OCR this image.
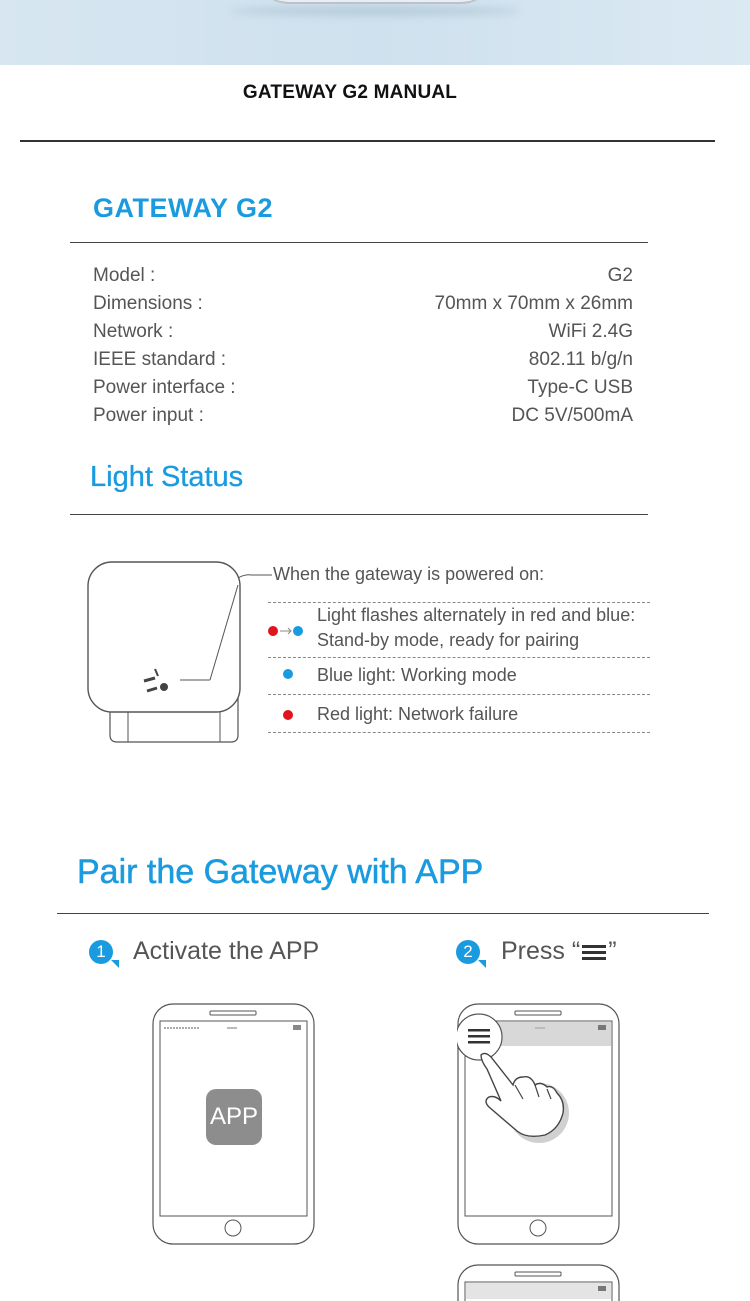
GATEWAY G2 MANUAL
GATEWAY G2
Model :	G2
Dimensions :	70mm x 70mm x 26mm
Network :	WiFi 2.4G
IEEE standard :	802.11 b/g/n
Power interface :	Type-C USB
Power input :	DC 5V/500mA
Light Status
When the gateway is powered on:
Light flashes alternately in red and blue:
Stand-by mode, ready for pairing
Blue light: Working mode
Red light: Network failure
Pair the Gateway with APP
1 Activate the APP	2 Press “ ”
APP
